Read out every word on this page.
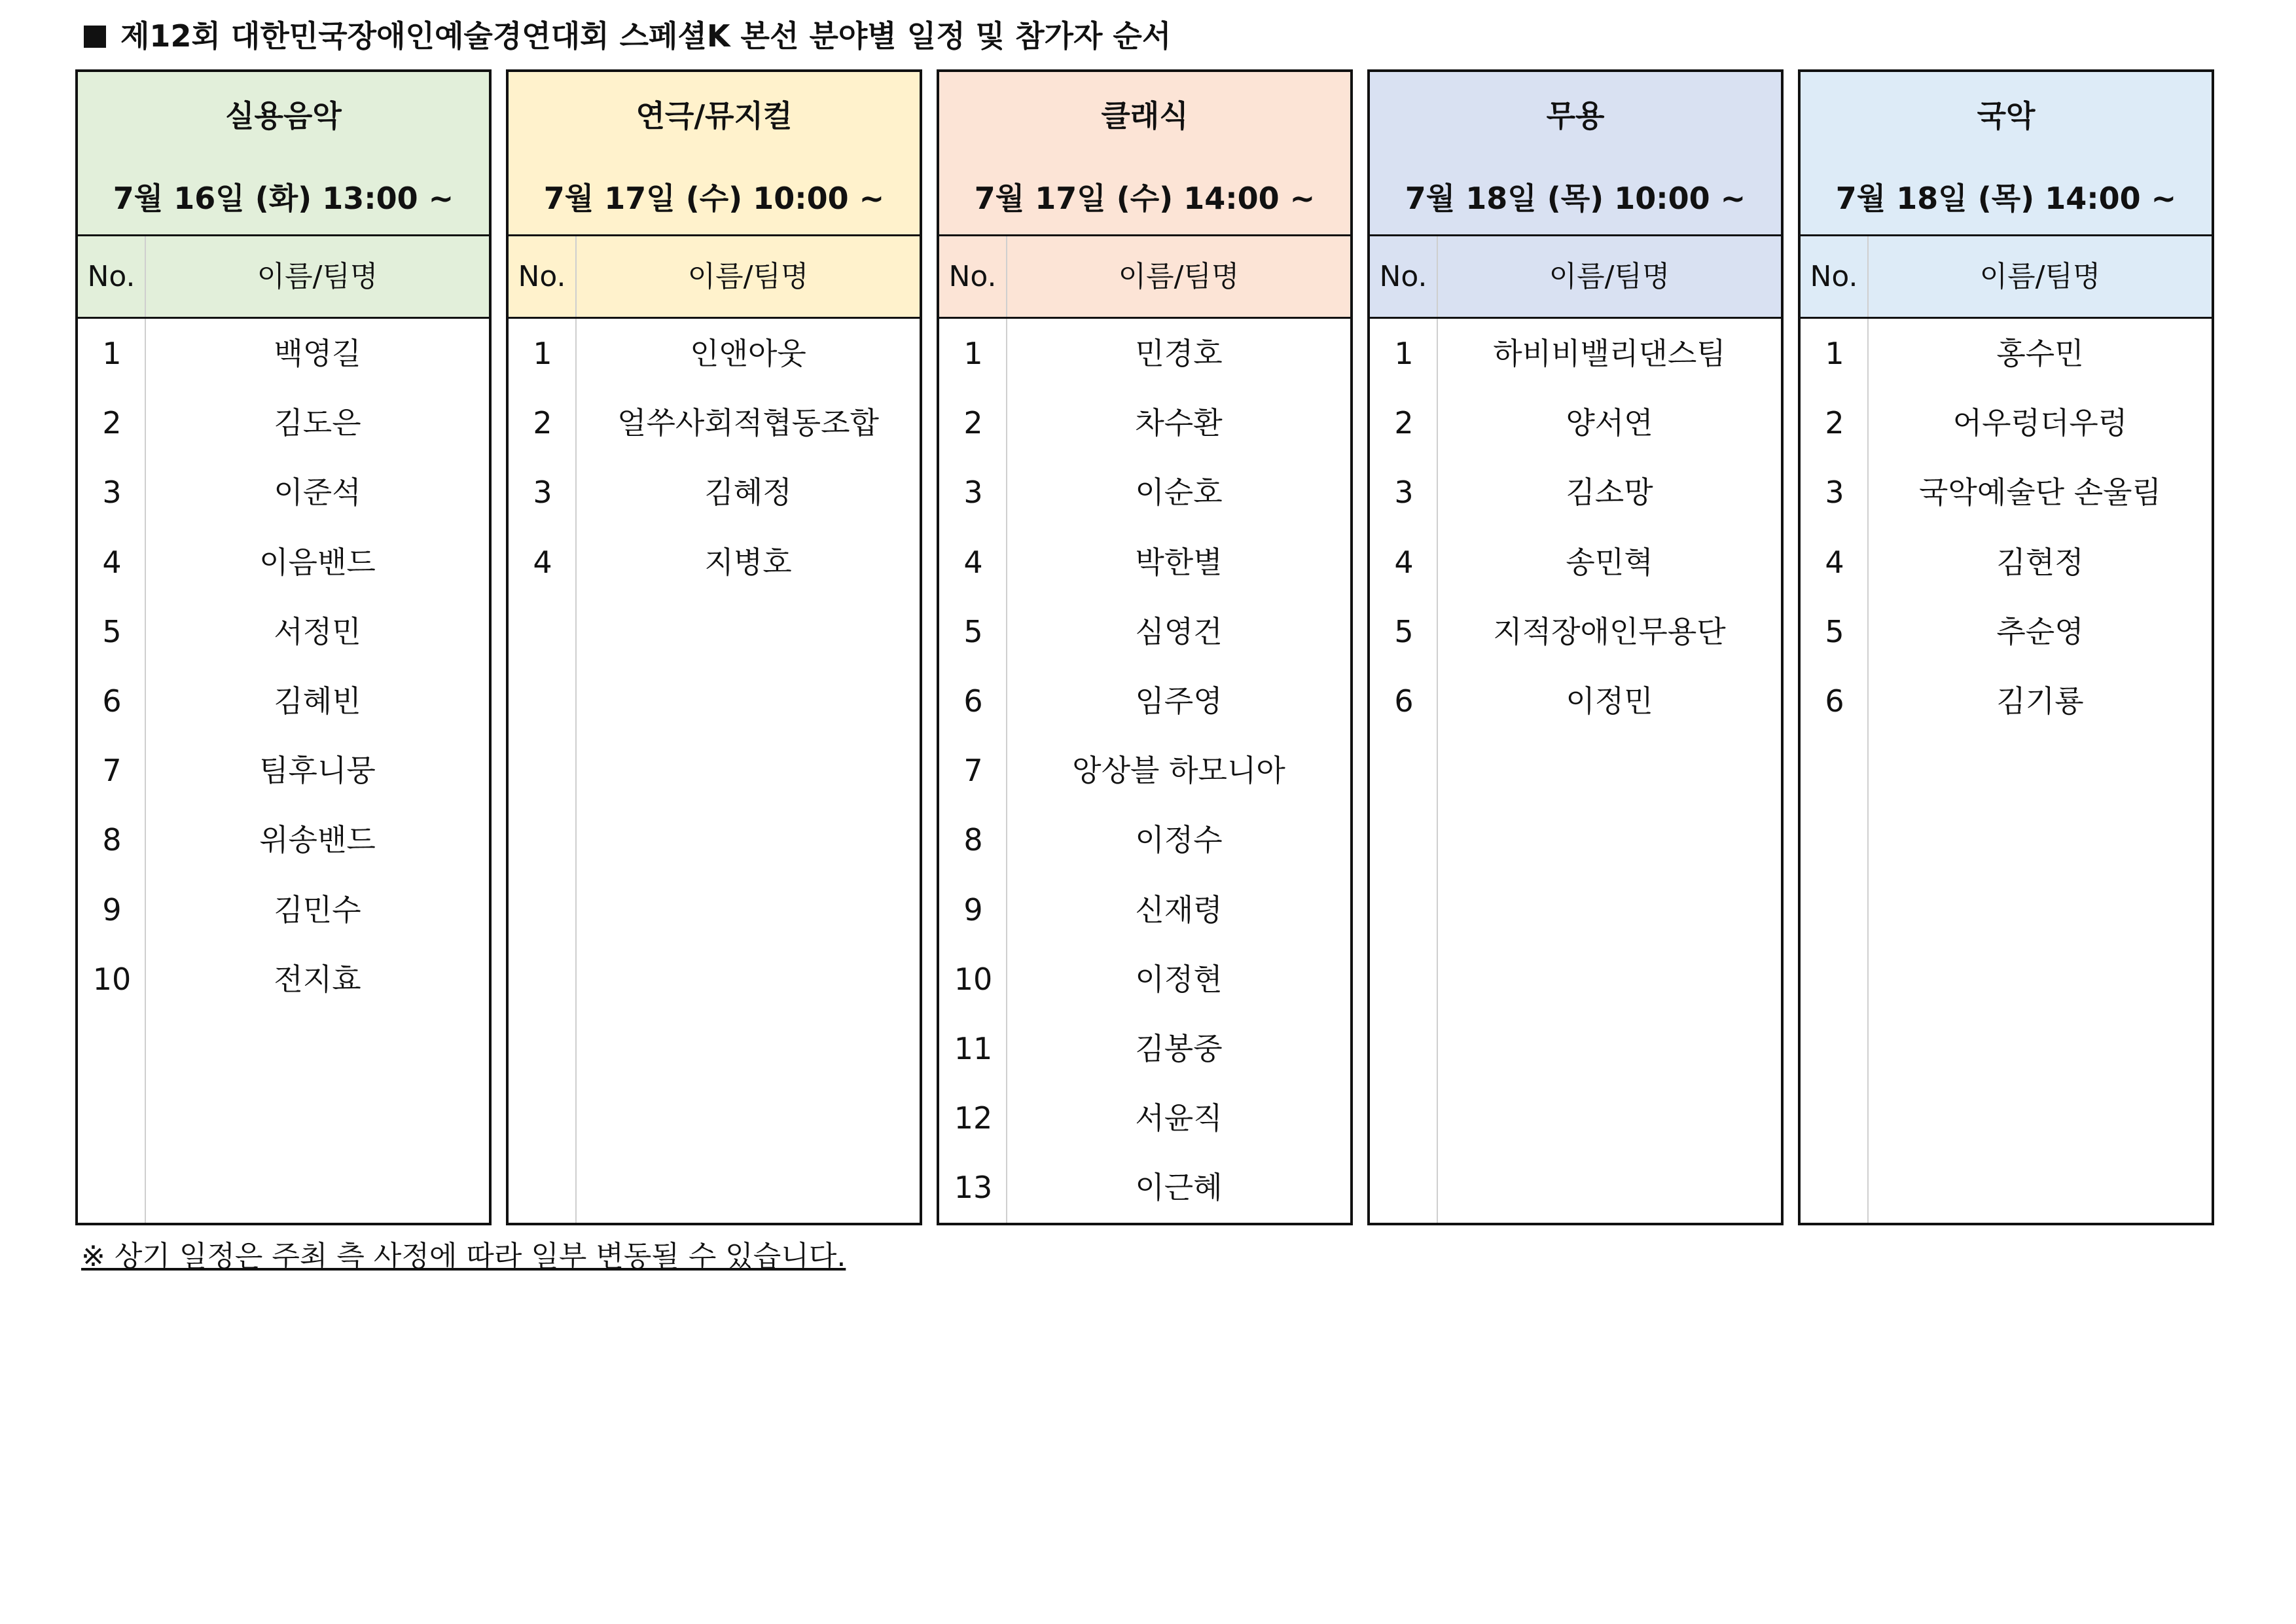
제12회 대한민국장애인예술경연대회 스페셜K 본선 분야별 일정 및 참가자 순서
실용음악
7월 16일 (화) 13:00 ~
No.	이름/팀명
1	백영길
2	김도은
3	이준석
4	이음밴드
5	서정민
6	김혜빈
7	팀후니뭉
8	위송밴드
9	김민수
10	전지효
연극/뮤지컬
7월 17일 (수) 10:00 ~
No.	이름/팀명
1	인앤아웃
2	얼쑤사회적협동조합
3	김혜정
4	지병호
클래식
7월 17일 (수) 14:00 ~
No.	이름/팀명
1	민경호
2	차수환
3	이순호
4	박한별
5	심영건
6	임주영
7	앙상블 하모니아
8	이정수
9	신재령
10	이정현
11	김봉중
12	서윤직
13	이근혜
무용
7월 18일 (목) 10:00 ~
No.	이름/팀명
1	하비비밸리댄스팀
2	양서연
3	김소망
4	송민혁
5	지적장애인무용단
6	이정민
국악
7월 18일 (목) 14:00 ~
No.	이름/팀명
1	홍수민
2	어우렁더우렁
3	국악예술단 손울림
4	김현정
5	추순영
6	김기룡
※ 상기 일정은 주최 측 사정에 따라 일부 변동될 수 있습니다.
